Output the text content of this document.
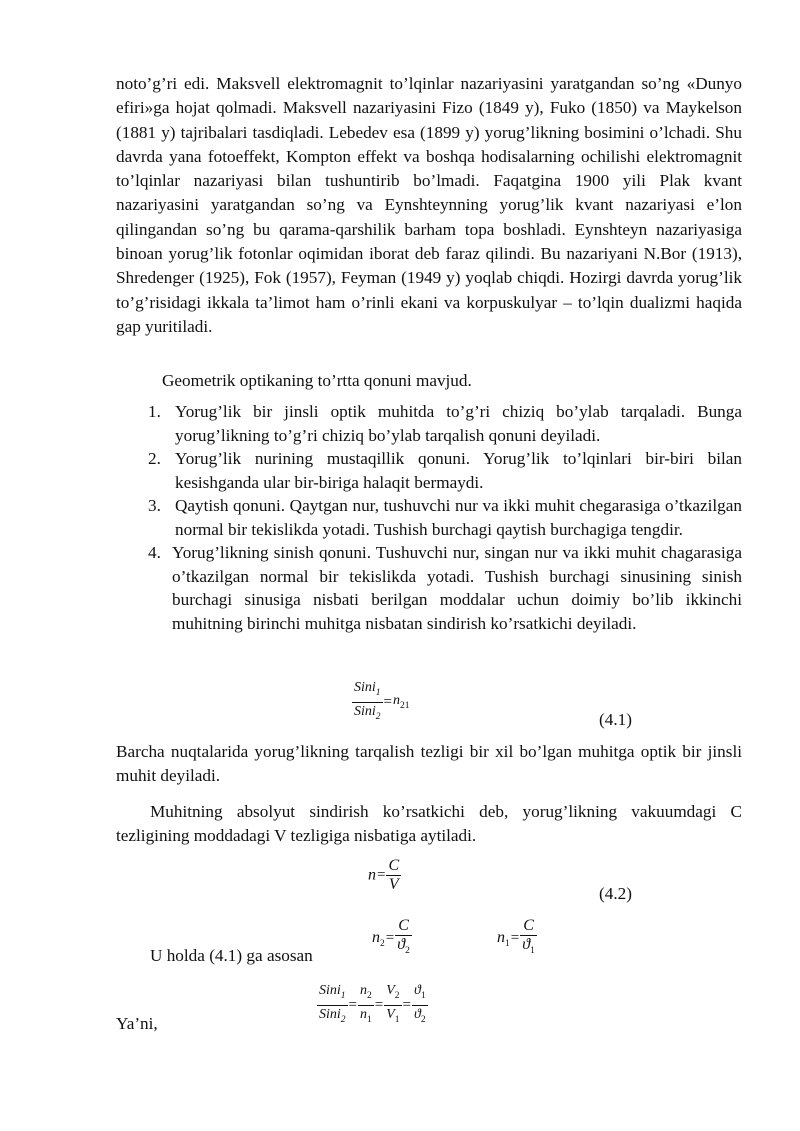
noto’g’ri edi. Maksvell elektromagnit to’lqinlar nazariyasini yaratgandan so’ng «Dunyo efiri»ga hojat qolmadi. Maksvell nazariyasini Fizo (1849 y), Fuko (1850) va Maykelson (1881 y) tajribalari tasdiqladi. Lebedev esa (1899 y) yorug’likning bosimini o’lchadi. Shu davrda yana fotoeffekt, Kompton effekt va boshqa hodisalarning ochilishi elektromagnit to’lqinlar nazariyasi bilan tushuntirib bo’lmadi. Faqatgina 1900 yili Plak kvant nazariyasini yaratgandan so’ng va Eynshteynning yorug’lik kvant nazariyasi e’lon qilingandan so’ng bu qarama-qarshilik barham topa boshladi. Eynshteyn nazariyasiga binoan yorug’lik fotonlar oqimidan iborat deb faraz qilindi. Bu nazariyani N.Bor (1913), Shredenger (1925), Fok (1957), Feyman (1949 y) yoqlab chiqdi. Hozirgi davrda yorug’lik to’g’risidagi ikkala ta’limot ham o’rinli ekani va korpuskulyar – to’lqin dualizmi haqida gap yuritiladi.

Geometrik optikaning to’rtta qonuni mavjud.

1. Yorug’lik bir jinsli optik muhitda to’g’ri chiziq bo’ylab tarqaladi. Bunga yorug’likning to’g’ri chiziq bo’ylab tarqalish qonuni deyiladi.
2. Yorug’lik nurining mustaqillik qonuni. Yorug’lik to’lqinlari bir-biri bilan kesishganda ular bir-biriga halaqit bermaydi.
3. Qaytish qonuni. Qaytgan nur, tushuvchi nur va ikki muhit chegarasiga o’tkazilgan normal bir tekislikda yotadi. Tushish burchagi qaytish burchagiga tengdir.
4. Yorug’likning sinish qonuni. Tushuvchi nur, singan nur va ikki muhit chagarasiga o’tkazilgan normal bir tekislikda yotadi. Tushish burchagi sinusining sinish burchagi sinusiga nisbati berilgan moddalar uchun doimiy bo’lib ikkinchi muhitning birinchi muhitga nisbatan sindirish ko’rsatkichi deyiladi.
$\frac{Sini_1}{Sini_2} =n_{21}$
(4.1)

Barcha nuqtalarida yorug’likning tarqalish tezligi bir xil bo’lgan muhitga optik bir jinsli muhit deyiladi.

Muhitning absolyut sindirish ko’rsatkichi deb, yorug’likning vakuumdagi C tezligining moddadagi V tezligiga nisbatiga aytiladi.

$n= \frac{C}{V}$
(4.2)
$n_2= \frac{C}{ϑ_2}$	$n_1= \frac{C}{ϑ_1}$

U holda (4.1) ga asosan

$\frac{Sini_1}{Sini_2} = \frac{n_2}{n_1} = \frac{V_2}{V_1} = \frac{ϑ_1}{ϑ_2}$

Ya’ni,
